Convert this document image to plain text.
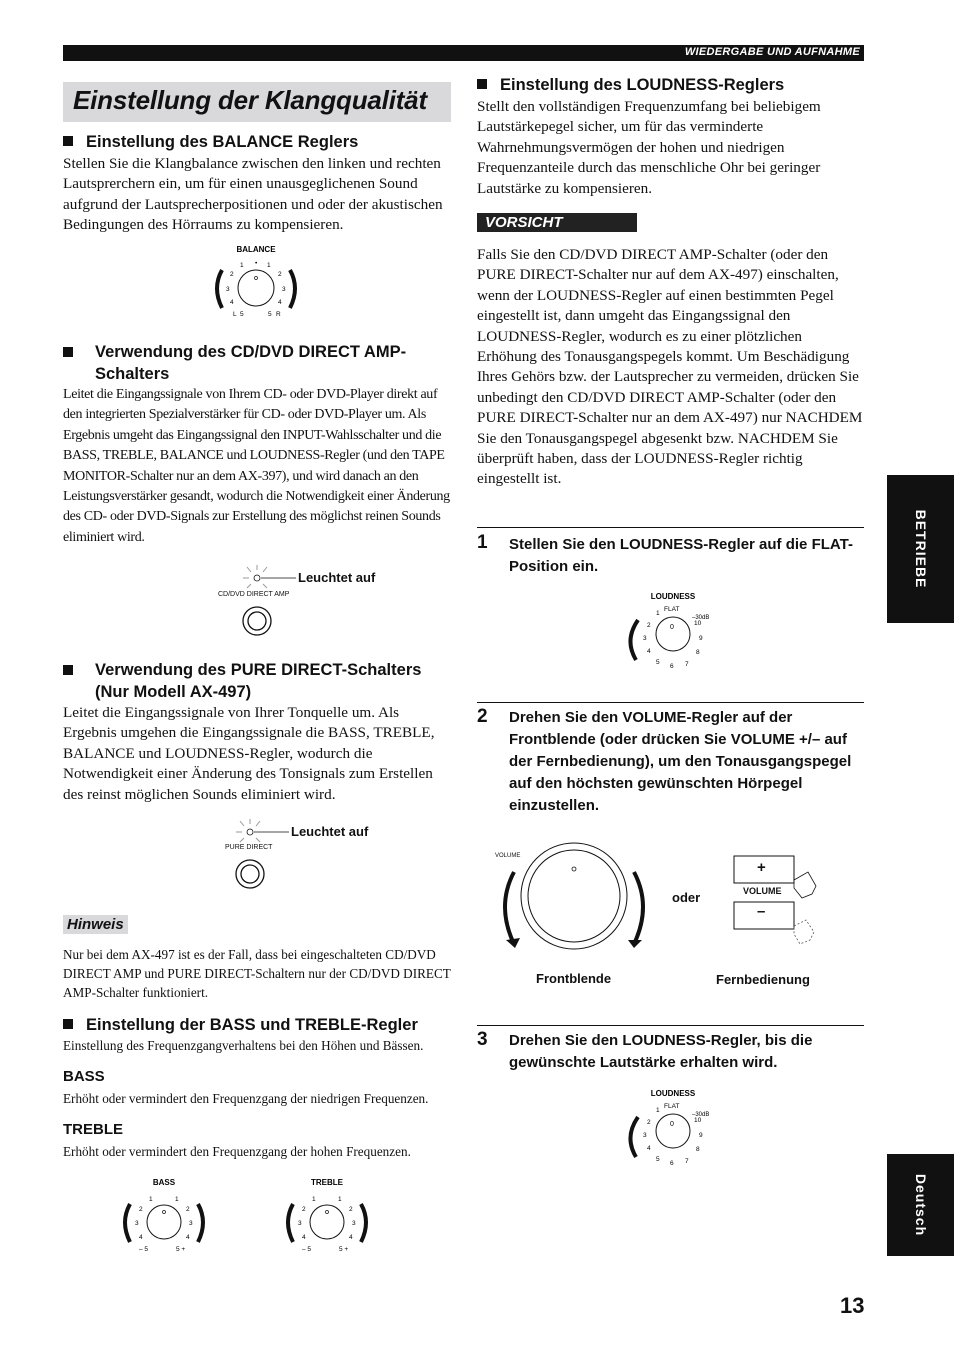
WIEDERGABE UND AUFNAHME
Einstellung der Klangqualität
Einstellung des BALANCE Reglers
Stellen Sie die Klangbalance zwischen den linken und rechten Lautsprerchern ein, um für einen unausgeglichenen Sound aufgrund der Lautsprecherpositionen und oder der akustischen Bedingungen des Hörraums zu kompensieren.
BALANCE
1	1
•
2	2
3	3
4	4
L 5	5 R
Verwendung des CD/DVD DIRECT AMP-Schalters
Leitet die Eingangssignale von Ihrem CD- oder DVD-Player direkt auf den integrierten Spezialverstärker für CD- oder DVD-Player um. Als Ergebnis umgeht das Eingangssignal den INPUT-Wahlsschalter und die BASS, TREBLE, BALANCE und LOUDNESS-Regler (und den TAPE MONITOR-Schalter nur an dem AX-397), und wird danach an den Leistungsverstärker gesandt, wodurch die Notwendigkeit einer Änderung des CD- oder DVD-Signals zur Erstellung des möglichst reinen Sounds eliminiert wird.
Leuchtet auf
CD/DVD DIRECT AMP
Verwendung des PURE DIRECT-Schalters (Nur Modell AX-497)
Leitet die Eingangssignale von Ihrer Tonquelle um. Als Ergebnis umgehen die Eingangssignale die BASS, TREBLE, BALANCE und LOUDNESS-Regler, wodurch die Notwendigkeit einer Änderung des Tonsignals zum Erstellen des reinst möglichen Sounds eliminiert wird.
Leuchtet auf
PURE DIRECT
Hinweis
Nur bei dem AX-497 ist es der Fall, dass bei eingeschalteten CD/DVD DIRECT AMP und PURE DIRECT-Schaltern nur der CD/DVD DIRECT AMP-Schalter funktioniert.
Einstellung der BASS und TREBLE-Regler
Einstellung des Frequenzgangverhaltens bei den Höhen und Bässen.
BASS
Erhöht oder vermindert den Frequenzgang der niedrigen Frequenzen.
TREBLE
Erhöht oder vermindert den Frequenzgang der hohen Frequenzen.
BASS
1	1
2	2
3	3
4	4
– 5	5 +
TREBLE
1	1
2	2
3	3
4	4
– 5	5 +
Einstellung des LOUDNESS-Reglers
Stellt den vollständigen Frequenzumfang bei beliebigem Lautstärkepegel sicher, um für das verminderte Wahrnehmungsvermögen der hohen und niedrigen Frequenzanteile durch das menschliche Ohr bei geringer Lautstärke zu kompensieren.
VORSICHT
Falls Sie den CD/DVD DIRECT AMP-Schalter (oder den PURE DIRECT-Schalter nur auf dem AX-497) einschalten, wenn der LOUDNESS-Regler auf einen bestimmten Pegel eingestellt ist, dann umgeht das Eingangssignal den LOUDNESS-Regler, wodurch es zu einer plötzlichen Erhöhung des Tonausgangspegels kommt. Um Beschädigung Ihres Gehörs bzw. der Lautsprecher zu vermeiden, drücken Sie unbedingt den CD/DVD DIRECT AMP-Schalter (oder den PURE DIRECT-Schalter nur an dem AX-497) nur NACHDEM Sie den Tonausgangspegel abgesenkt bzw. NACHDEM Sie überprüft haben, dass der LOUDNESS-Regler richtig eingestellt ist.
1 Stellen Sie den LOUDNESS-Regler auf die FLAT-Position ein.
LOUDNESS
FLAT
–30dB
0
1
10
2
9
3
8
4
7
5
6
2 Drehen Sie den VOLUME-Regler auf der Frontblende (oder drücken Sie VOLUME +/– auf der Fernbedienung), um den Tonausgangspegel auf den höchsten gewünschten Hörpegel einzustellen.
VOLUME
oder
+
VOLUME
–
Frontblende	Fernbedienung
3 Drehen Sie den LOUDNESS-Regler, bis die gewünschte Lautstärke erhalten wird.
LOUDNESS
FLAT
–30dB
0
1
10
2
9
3
8
4
7
5
6
BETRIEBE
Deutsch
13
